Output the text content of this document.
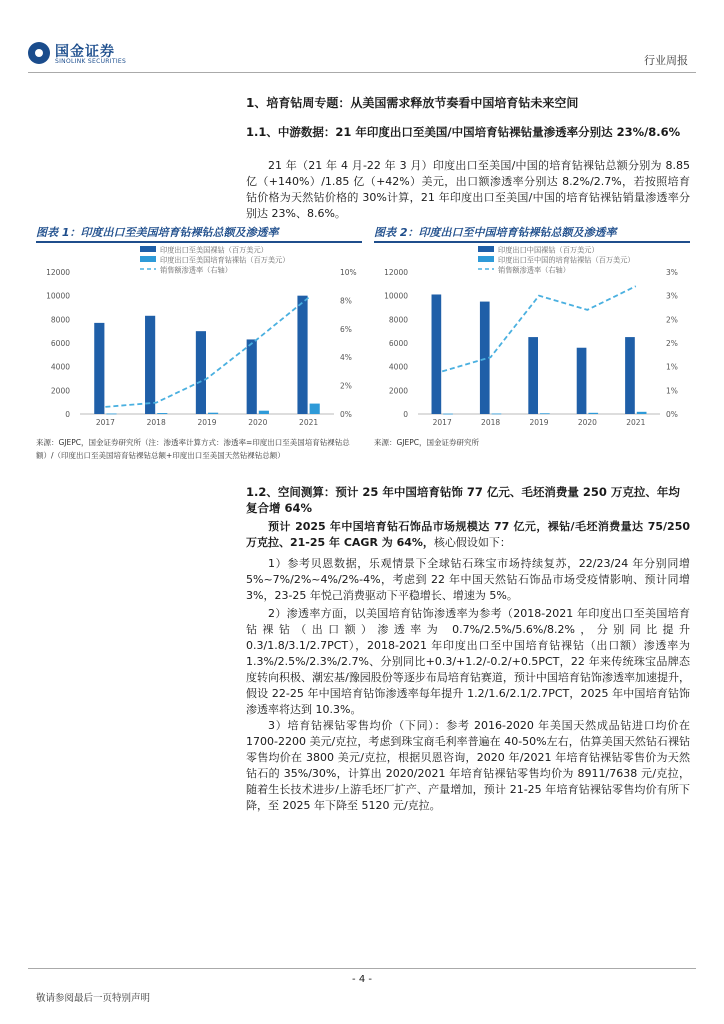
国金证券
SINOLINK SECURITIES	行业周报
1、培育钻周专题：从美国需求释放节奏看中国培育钻未来空间
1.1、中游数据：21 年印度出口至美国/中国培育钻裸钻量渗透率分别达 23%/8.6%
21 年（21 年 4 月-22 年 3 月）印度出口至美国/中国的培育钻裸钻总额分别为 8.85 亿（+140%）/1.85 亿（+42%）美元，出口额渗透率分别达 8.2%/2.7%，若按照培育钻价格为天然钻价格的 30%计算，21 年印度出口至美国/中国的培育钻裸钻销量渗透率分别达 23%、8.6%。
图表 1：印度出口至美国培育钻裸钻总额及渗透率
印度出口至美国裸钻（百万美元）
印度出口至美国培育钻裸钻（百万美元）
销售额渗透率（右轴）
0
2000
4000
6000
8000
10000
12000
0%
2%
4%
6%
8%
10%
2017	2018	2019	2020	2021
来源：GJEPC，国金证券研究所（注：渗透率计算方式：渗透率=印度出口至美国培育钻裸钻总额）/（印度出口至美国培育钻裸钻总额+印度出口至美国天然钻裸钻总额）
图表 2：印度出口至中国培育钻裸钻总额及渗透率
印度出口中国裸钻（百万美元）
印度出口至中国的培育钻裸钻（百万美元）
销售额渗透率（右轴）
0
2000
4000
6000
8000
10000
12000
0%
1%
1%
2%
2%
3%
3%
2017	2018	2019	2020	2021
来源：GJEPC，国金证券研究所
1.2、空间测算：预计 25 年中国培育钻饰 77 亿元、毛坯消费量 250 万克拉、年均复合增 64%
预计 2025 年中国培育钻石饰品市场规模达 77 亿元，裸钻/毛坯消费量达 75/250 万克拉、21-25 年 CAGR 为 64%，核心假设如下：
1）参考贝恩数据，乐观情景下全球钻石珠宝市场持续复苏，22/23/24 年分别同增 5%~7%/2%~4%/2%-4%，考虑到 22 年中国天然钻石饰品市场受疫情影响、预计同增 3%，23-25 年悦己消费驱动下平稳增长、增速为 5%。
2）渗透率方面，以美国培育钻饰渗透率为参考（2018-2021 年印度出口至美国培育钻裸钻（出口额）渗透率为 0.7%/2.5%/5.6%/8.2%，分别同比提升 0.3/1.8/3.1/2.7PCT），2018-2021 年印度出口至中国培育钻裸钻（出口额）渗透率为 1.3%/2.5%/2.3%/2.7%、分别同比+0.3/+1.2/-0.2/+0.5PCT，22 年来传统珠宝品牌态度转向积极、潮宏基/豫园股份等逐步布局培育钻赛道，预计中国培育钻饰渗透率加速提升，假设 22-25 年中国培育钻饰渗透率每年提升 1.2/1.6/2.1/2.7PCT，2025 年中国培育钻饰渗透率将达到 10.3%。
3）培育钻裸钻零售均价（下同）：参考 2016-2020 年美国天然成品钻进口均价在 1700-2200 美元/克拉，考虑到珠宝商毛利率普遍在 40-50%左右，估算美国天然钻石裸钻零售均价在 3800 美元/克拉，根据贝恩咨询，2020 年/2021 年培育钻裸钻零售价为天然钻石的 35%/30%，计算出 2020/2021 年培育钻裸钻零售均价为 8911/7638 元/克拉，随着生长技术进步/上游毛坯厂扩产、产量增加，预计 21-25 年培育钻裸钻零售均价有所下降，至 2025 年下降至 5120 元/克拉。
- 4 -
敬请参阅最后一页特别声明
